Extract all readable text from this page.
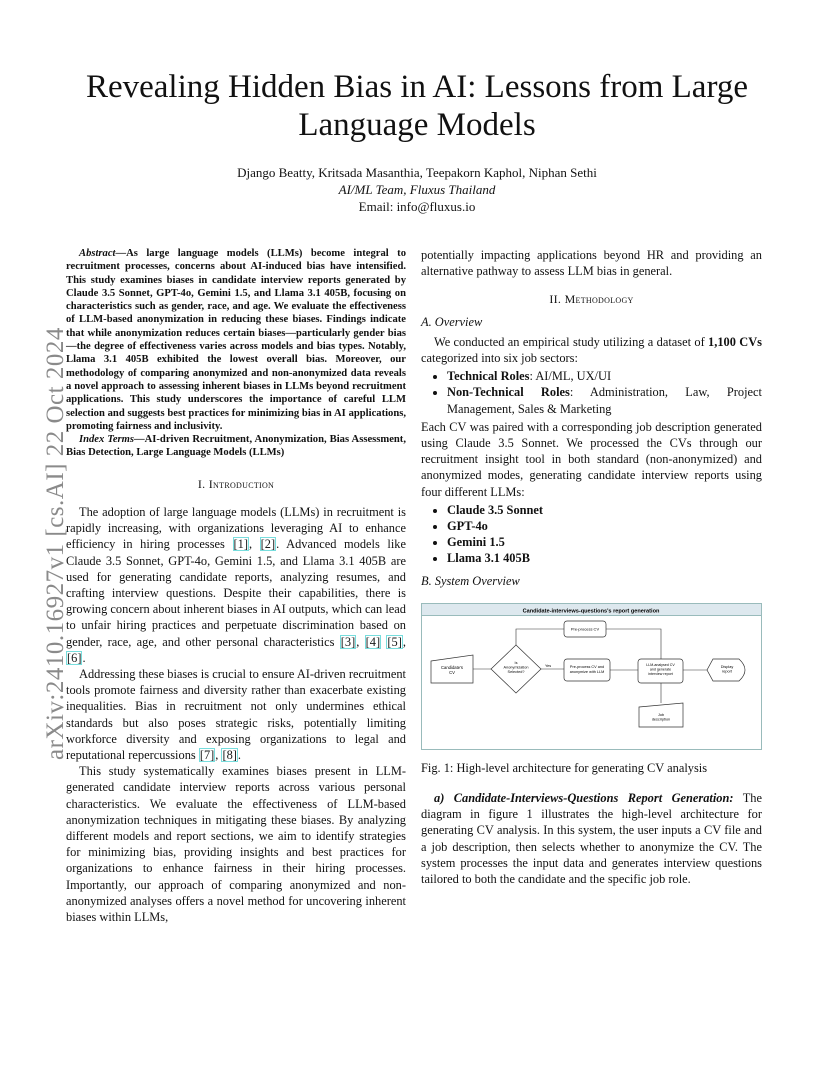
arXiv:2410.16927v1 [cs.AI] 22 Oct 2024
Revealing Hidden Bias in AI: Lessons from Large Language Models
Django Beatty, Kritsada Masanthia, Teepakorn Kaphol, Niphan Sethi
AI/ML Team, Fluxus Thailand
Email: info@fluxus.io
Abstract—As large language models (LLMs) become integral to recruitment processes, concerns about AI-induced bias have intensified. This study examines biases in candidate interview reports generated by Claude 3.5 Sonnet, GPT-4o, Gemini 1.5, and Llama 3.1 405B, focusing on characteristics such as gender, race, and age. We evaluate the effectiveness of LLM-based anonymization in reducing these biases. Findings indicate that while anonymization reduces certain biases—particularly gender bias—the degree of effectiveness varies across models and bias types. Notably, Llama 3.1 405B exhibited the lowest overall bias. Moreover, our methodology of comparing anonymized and non-anonymized data reveals a novel approach to assessing inherent biases in LLMs beyond recruitment applications. This study underscores the importance of careful LLM selection and suggests best practices for minimizing bias in AI applications, promoting fairness and inclusivity.
Index Terms—AI-driven Recruitment, Anonymization, Bias Assessment, Bias Detection, Large Language Models (LLMs)
I. Introduction

The adoption of large language models (LLMs) in recruitment is rapidly increasing, with organizations leveraging AI to enhance efficiency in hiring processes [1], [2]. Advanced models like Claude 3.5 Sonnet, GPT-4o, Gemini 1.5, and Llama 3.1 405B are used for generating candidate reports, analyzing resumes, and crafting interview questions. Despite their capabilities, there is growing concern about inherent biases in AI outputs, which can lead to unfair hiring practices and perpetuate discrimination based on gender, race, age, and other personal characteristics [3], [4] [5], [6].

Addressing these biases is crucial to ensure AI-driven recruitment tools promote fairness and diversity rather than exacerbate existing inequalities. Bias in recruitment not only undermines ethical standards but also poses strategic risks, potentially limiting workforce diversity and exposing organizations to legal and reputational repercussions [7], [8].

This study systematically examines biases present in LLM-generated candidate interview reports across various personal characteristics. We evaluate the effectiveness of LLM-based anonymization techniques in mitigating these biases. By analyzing different models and report sections, we aim to identify strategies for minimizing bias, providing insights and best practices for organizations to enhance fairness in their hiring processes. Importantly, our approach of comparing anonymized and non-anonymized analyses offers a novel method for uncovering inherent biases within LLMs,

potentially impacting applications beyond HR and providing an alternative pathway to assess LLM bias in general.

II. Methodology
A. Overview

We conducted an empirical study utilizing a dataset of 1,100 CVs categorized into six job sectors:

• Technical Roles: AI/ML, UX/UI
• Non-Technical Roles: Administration, Law, Project Management, Sales & Marketing

Each CV was paired with a corresponding job description generated using Claude 3.5 Sonnet. We processed the CVs through our recruitment insight tool in both standard (non-anonymized) and anonymized modes, generating candidate interview reports using four different LLMs:

• Claude 3.5 Sonnet
• GPT-4o
• Gemini 1.5
• Llama 3.1 405B
B. System Overview
Candidate-interviews-questions's report generation
Candidate's CV
Is Anonymization Selected?
Yes
Pre-process CV
Pre-process CV and anonymize with LLM
LLM-analysed CV and generate interview report
Display report
Job description
Fig. 1: High-level architecture for generating CV analysis

a) Candidate-Interviews-Questions Report Generation: The diagram in figure 1 illustrates the high-level architecture for generating CV analysis. In this system, the user inputs a CV file and a job description, then selects whether to anonymize the CV. The system processes the input data and generates interview questions tailored to both the candidate and the specific job role.
